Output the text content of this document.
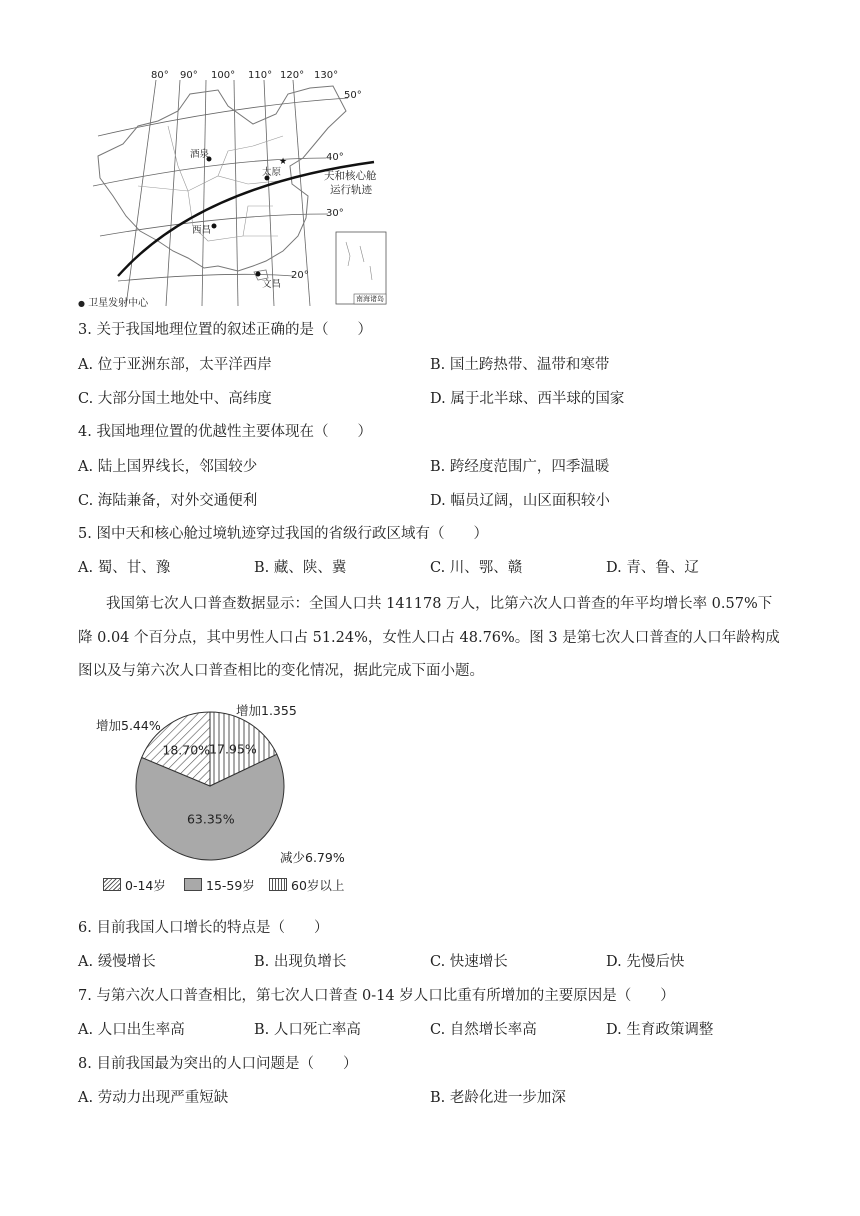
★
80° 90° 100° 110° 120° 130°
50°
40°
30°
20°
酒泉
太原
西昌
文昌
天和核心舱
运行轨迹
南海诸岛
● 卫星发射中心
3. 关于我国地理位置的叙述正确的是（　　）
A. 位于亚洲东部，太平洋西岸	B. 国土跨热带、温带和寒带
C. 大部分国土地处中、高纬度	D. 属于北半球、西半球的国家
4. 我国地理位置的优越性主要体现在（　　）
A. 陆上国界线长，邻国较少	B. 跨经度范围广，四季温暖
C. 海陆兼备，对外交通便利	D. 幅员辽阔，山区面积较小
5. 图中天和核心舱过境轨迹穿过我国的省级行政区域有（　　）
A. 蜀、甘、豫	B. 藏、陕、冀	C. 川、鄂、赣	D. 青、鲁、辽
我国第七次人口普查数据显示：全国人口共 141178 万人，比第六次人口普查的年平均增长率 0.57%下
降 0.04 个百分点，其中男性人口占 51.24%，女性人口占 48.76%。图 3 是第七次人口普查的人口年龄构成
图以及与第六次人口普查相比的变化情况，据此完成下面小题。
17.95%
63.35%
18.70%
增加5.44%
减少6.79%
增加1.355
0-14岁	15-59岁	60岁以上
6. 目前我国人口增长的特点是（　　）
A. 缓慢增长	B. 出现负增长	C. 快速增长	D. 先慢后快
7. 与第六次人口普查相比，第七次人口普查 0-14 岁人口比重有所增加的主要原因是（　　）
A. 人口出生率高	B. 人口死亡率高	C. 自然增长率高	D. 生育政策调整
8. 目前我国最为突出的人口问题是（　　）
A. 劳动力出现严重短缺	B. 老龄化进一步加深
